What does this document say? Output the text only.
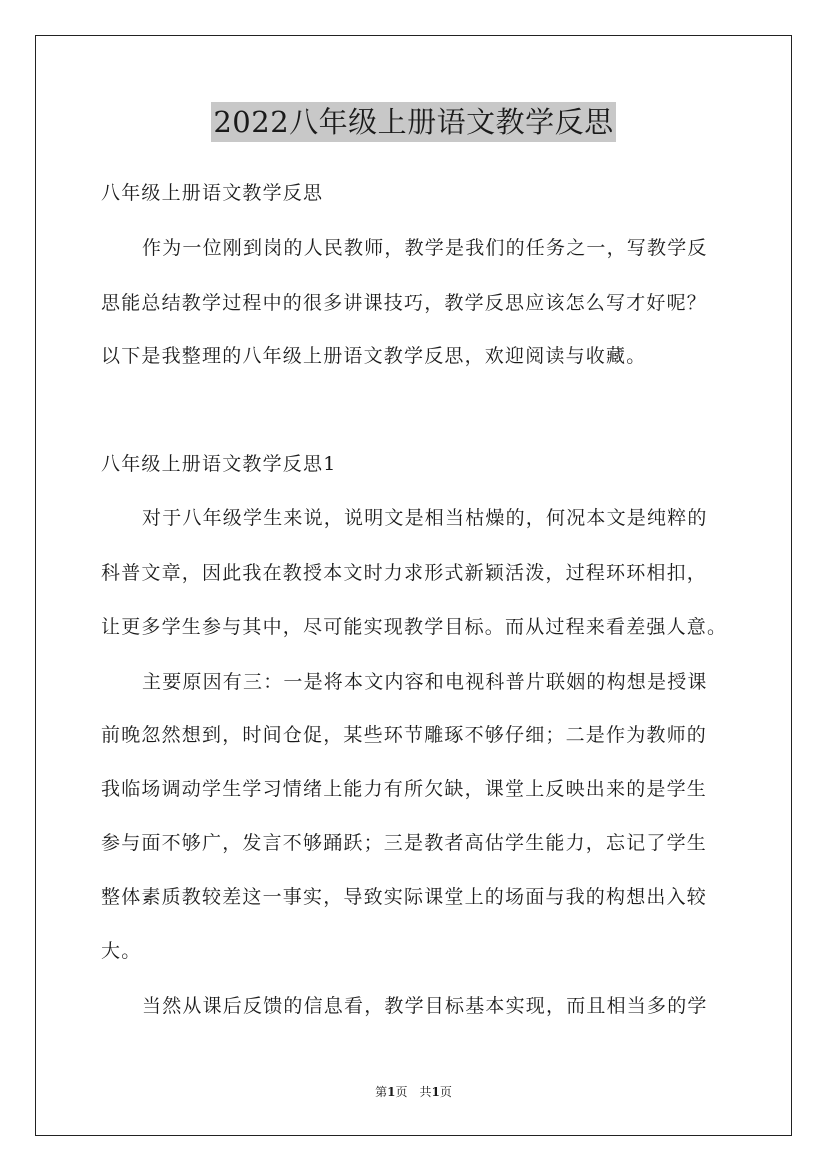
2022八年级上册语文教学反思
八年级上册语文教学反思
作为一位刚到岗的人民教师，教学是我们的任务之一，写教学反
思能总结教学过程中的很多讲课技巧，教学反思应该怎么写才好呢？
以下是我整理的八年级上册语文教学反思，欢迎阅读与收藏。
八年级上册语文教学反思1
对于八年级学生来说，说明文是相当枯燥的，何况本文是纯粹的
科普文章，因此我在教授本文时力求形式新颖活泼，过程环环相扣，
让更多学生参与其中，尽可能实现教学目标。而从过程来看差强人意。
主要原因有三：一是将本文内容和电视科普片联姻的构想是授课
前晚忽然想到，时间仓促，某些环节雕琢不够仔细；二是作为教师的
我临场调动学生学习情绪上能力有所欠缺，课堂上反映出来的是学生
参与面不够广，发言不够踊跃；三是教者高估学生能力，忘记了学生
整体素质教较差这一事实，导致实际课堂上的场面与我的构想出入较
大。
当然从课后反馈的信息看，教学目标基本实现，而且相当多的学
第1页　共1页
